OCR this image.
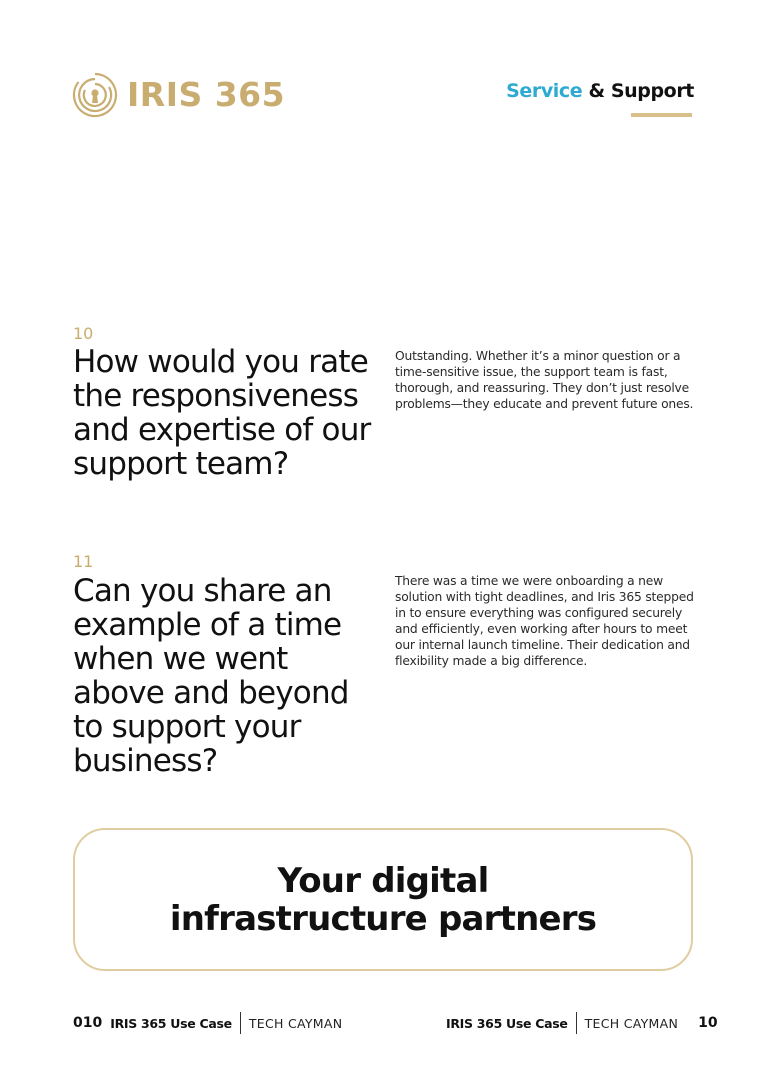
IRIS 365	Service & Support
10
How would you rate the responsiveness and expertise of our support team?
Outstanding. Whether it’s a minor question or a time-sensitive issue, the support team is fast, thorough, and reassuring. They don’t just resolve problems—they educate and prevent future ones.
11
Can you share an example of a time when we went above and beyond to support your business?
There was a time we were onboarding a new solution with tight deadlines, and Iris 365 stepped in to ensure everything was configured securely and efficiently, even working after hours to meet our internal launch timeline. Their dedication and flexibility made a big difference.
Your digital infrastructure partners
010 IRIS 365 Use Case TECH CAYMAN	IRIS 365 Use Case TECH CAYMAN 10
